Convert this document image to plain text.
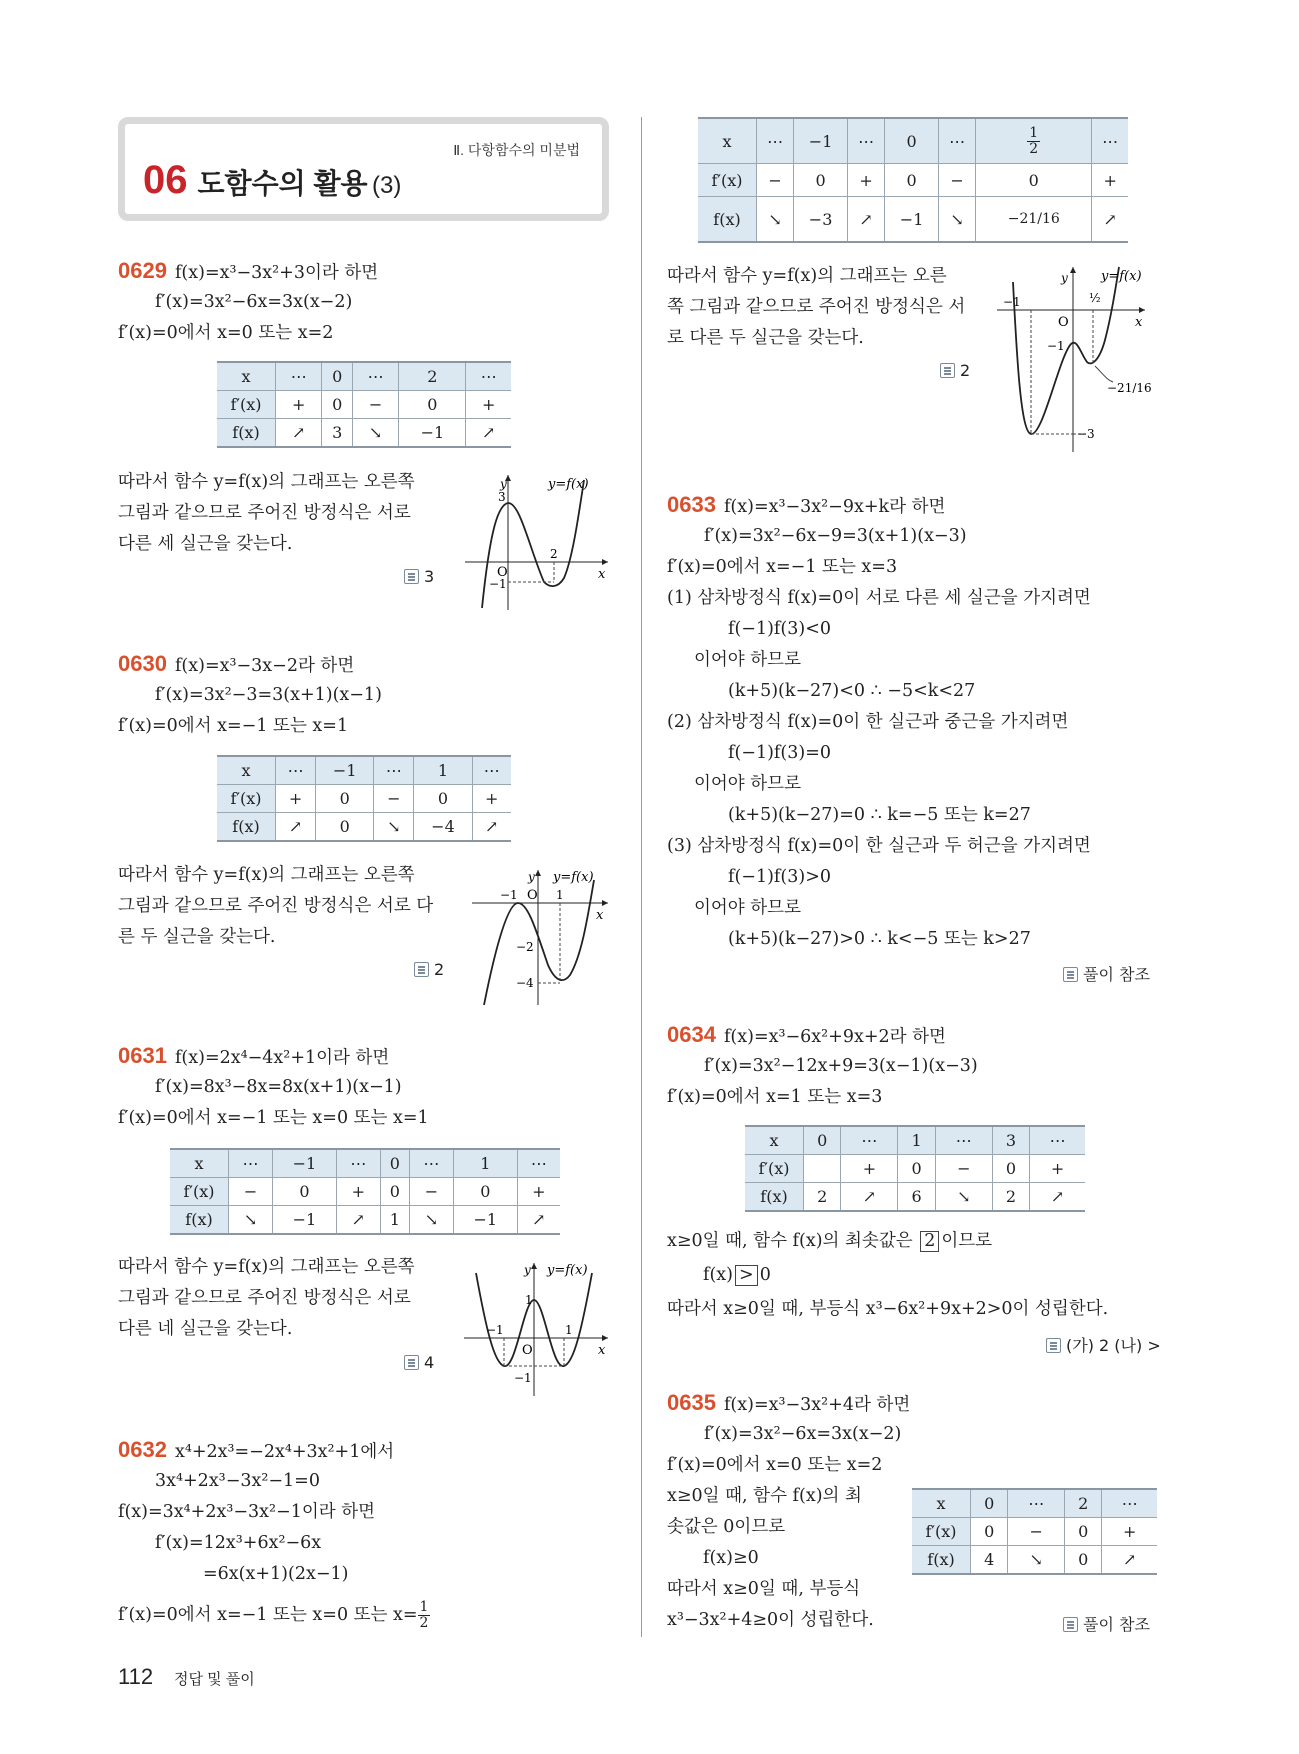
Ⅱ. 다항함수의 미분법
06 도함수의 활용 (3)
0629 f(x)=x³−3x²+3이라 하면
f′(x)=3x²−6x=3x(x−2)
f′(x)=0에서 x=0 또는 x=2
x	⋯	0	⋯	2	⋯
f′(x)	+	0	−	0	+
f(x)	↗	3	↘	−1	↗
따라서 함수 y=f(x)의 그래프는 오른쪽
그림과 같으므로 주어진 방정식은 서로
다른 세 실근을 갖는다.
3
y
x
O
y=f(x)
3
2
−1
0630 f(x)=x³−3x−2라 하면
f′(x)=3x²−3=3(x+1)(x−1)
f′(x)=0에서 x=−1 또는 x=1
x	⋯	−1	⋯	1	⋯
f′(x)	+	0	−	0	+
f(x)	↗	0	↘	−4	↗
따라서 함수 y=f(x)의 그래프는 오른쪽
그림과 같으므로 주어진 방정식은 서로 다
른 두 실근을 갖는다.
2
y
x
O
y=f(x)
−1	1
−2
−4
0631 f(x)=2x⁴−4x²+1이라 하면
f′(x)=8x³−8x=8x(x+1)(x−1)
f′(x)=0에서 x=−1 또는 x=0 또는 x=1
x	⋯	−1	⋯	0	⋯	1	⋯
f′(x)	−	0	+	0	−	0	+
f(x)	↘	−1	↗	1	↘	−1	↗
따라서 함수 y=f(x)의 그래프는 오른쪽
그림과 같으므로 주어진 방정식은 서로
다른 네 실근을 갖는다.
4
y
x
O
y=f(x)
1
−1	1
−1
0632 x⁴+2x³=−2x⁴+3x²+1에서
3x⁴+2x³−3x²−1=0
f(x)=3x⁴+2x³−3x²−1이라 하면
f′(x)=12x³+6x²−6x
=6x(x+1)(2x−1)
f′(x)=0에서 x=−1 또는 x=0 또는 $x= \frac{1}{2}$
x	⋯	−1	⋯	0	⋯	$\frac{1}{2}$	⋯
f′(x)	−	0	+	0	−	0	+
f(x)	↘	−3	↗	−1	↘	−21/16	↗
따라서 함수 y=f(x)의 그래프는 오른
쪽 그림과 같으므로 주어진 방정식은 서
로 다른 두 실근을 갖는다.
2
y
x
O
y=f(x)
−1
−1
−21/16
−3
½
0633 f(x)=x³−3x²−9x+k라 하면
f′(x)=3x²−6x−9=3(x+1)(x−3)
f′(x)=0에서 x=−1 또는 x=3
(1) 삼차방정식 f(x)=0이 서로 다른 세 실근을 가지려면
f(−1)f(3)<0
이어야 하므로
(k+5)(k−27)<0 ∴ −5<k<27
(2) 삼차방정식 f(x)=0이 한 실근과 중근을 가지려면
f(−1)f(3)=0
이어야 하므로
(k+5)(k−27)=0 ∴ k=−5 또는 k=27
(3) 삼차방정식 f(x)=0이 한 실근과 두 허근을 가지려면
f(−1)f(3)>0
이어야 하므로
(k+5)(k−27)>0 ∴ k<−5 또는 k>27
풀이 참조
0634 f(x)=x³−6x²+9x+2라 하면
f′(x)=3x²−12x+9=3(x−1)(x−3)
f′(x)=0에서 x=1 또는 x=3
x	0	⋯	1	⋯	3	⋯
f′(x)		+	0	−	0	+
f(x)	2	↗	6	↘	2	↗
x≥0일 때, 함수 f(x)의 최솟값은 2 이므로
f(x) > 0
따라서 x≥0일 때, 부등식 x³−6x²+9x+2>0이 성립한다.
(가) 2 (나) >
0635 f(x)=x³−3x²+4라 하면
f′(x)=3x²−6x=3x(x−2)
f′(x)=0에서 x=0 또는 x=2
x≥0일 때, 함수 f(x)의 최
솟값은 0이므로
f(x)≥0
따라서 x≥0일 때, 부등식
x³−3x²+4≥0이 성립한다.
x	0	⋯	2	⋯
f′(x)	0	−	0	+
f(x)	4	↘	0	↗
풀이 참조
112 정답 및 풀이
